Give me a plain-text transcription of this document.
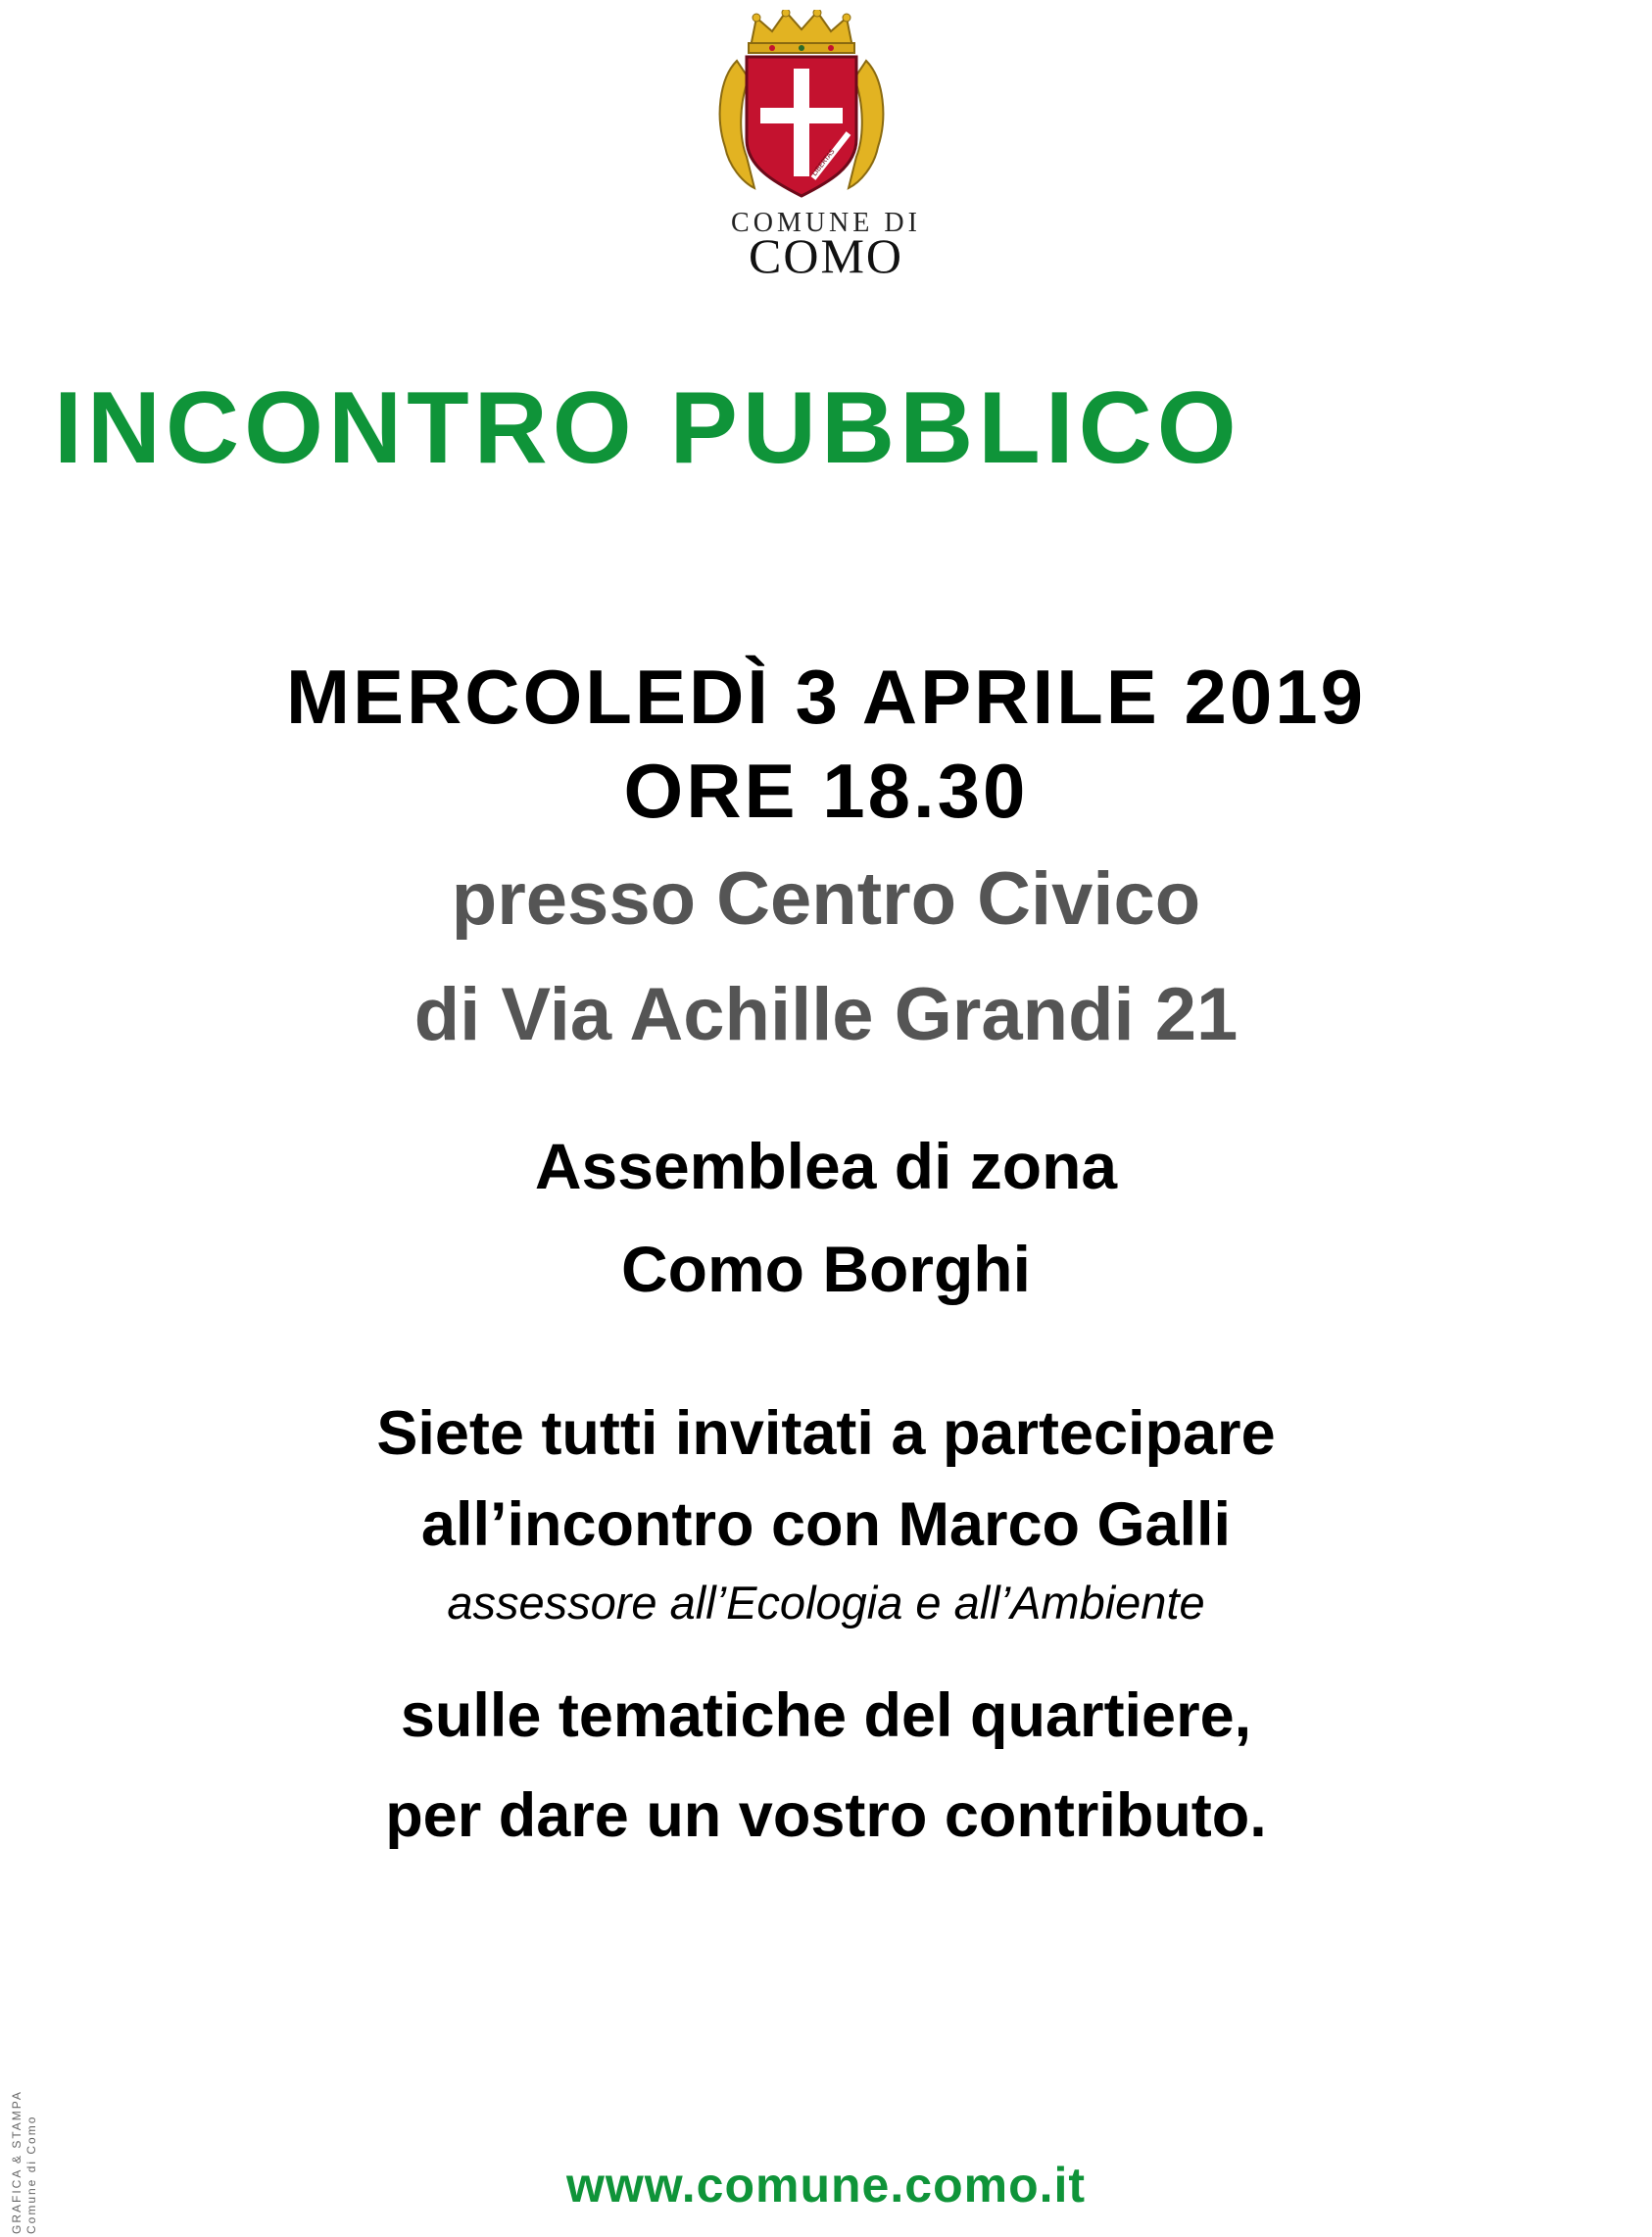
LIBERTAS
COMUNE DI
COMO
INCONTRO PUBBLICO
MERCOLEDÌ 3 APRILE 2019
ORE 18.30
presso Centro Civico
di Via Achille Grandi 21
Assemblea di zona
Como Borghi
Siete tutti invitati a partecipare
all’incontro con Marco Galli
assessore all’Ecologia e all’Ambiente
sulle tematiche del quartiere,
per dare un vostro contributo.
GRAFICA & STAMPA Comune di Como	www.comune.como.it
